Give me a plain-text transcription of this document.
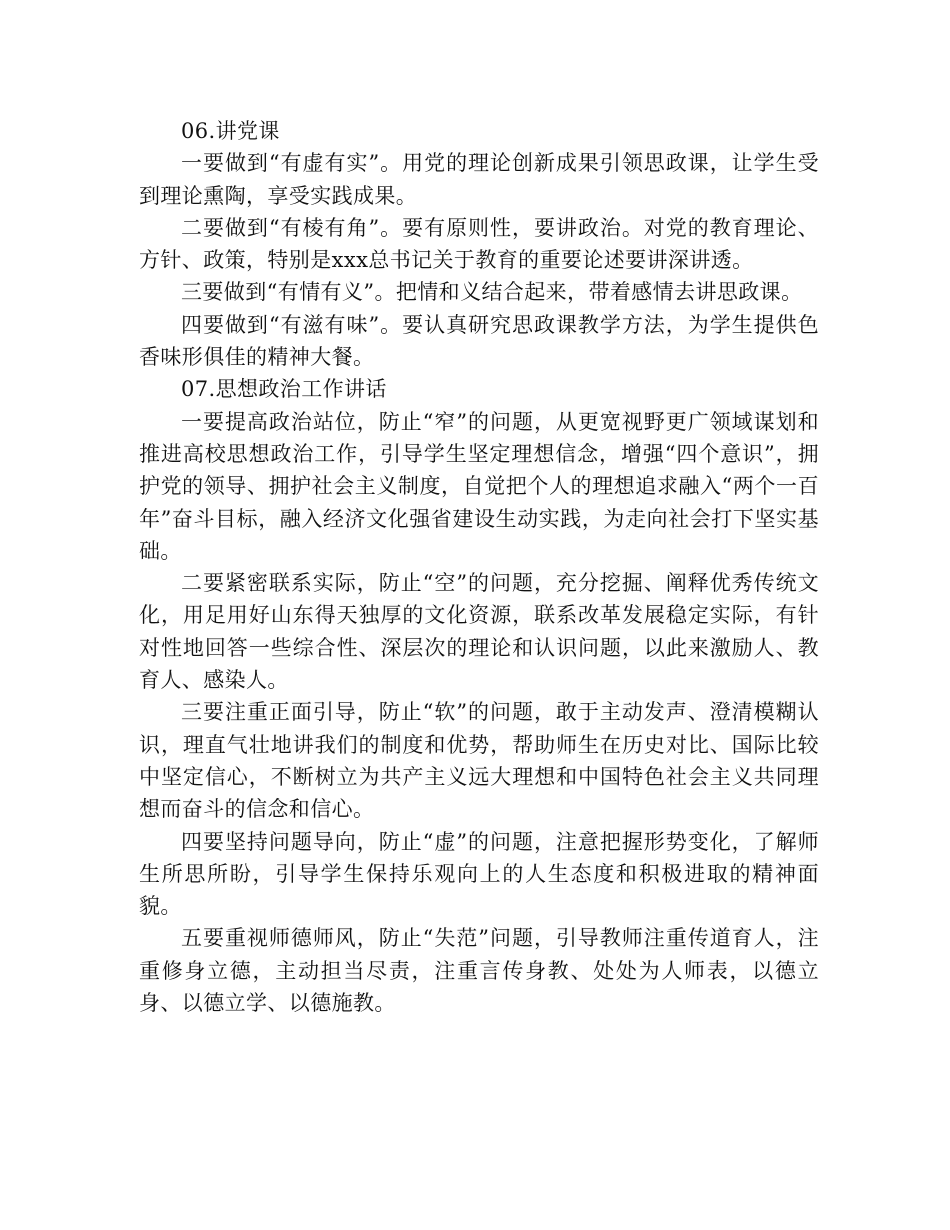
06.讲党课

一要做到“有虚有实”。用党的理论创新成果引领思政课，让学生受到理论熏陶，享受实践成果。

二要做到“有棱有角”。要有原则性，要讲政治。对党的教育理论、方针、政策，特别是xxx总书记关于教育的重要论述要讲深讲透。

三要做到“有情有义”。把情和义结合起来，带着感情去讲思政课。

四要做到“有滋有味”。要认真研究思政课教学方法，为学生提供色香味形俱佳的精神大餐。

07.思想政治工作讲话

一要提高政治站位，防止“窄”的问题，从更宽视野更广领域谋划和推进高校思想政治工作，引导学生坚定理想信念，增强“四个意识”，拥护党的领导、拥护社会主义制度，自觉把个人的理想追求融入“两个一百年”奋斗目标，融入经济文化强省建设生动实践，为走向社会打下坚实基础。

二要紧密联系实际，防止“空”的问题，充分挖掘、阐释优秀传统文化，用足用好山东得天独厚的文化资源，联系改革发展稳定实际，有针对性地回答一些综合性、深层次的理论和认识问题，以此来激励人、教育人、感染人。

三要注重正面引导，防止“软”的问题，敢于主动发声、澄清模糊认识，理直气壮地讲我们的制度和优势，帮助师生在历史对比、国际比较中坚定信心，不断树立为共产主义远大理想和中国特色社会主义共同理想而奋斗的信念和信心。

四要坚持问题导向，防止“虚”的问题，注意把握形势变化，了解师生所思所盼，引导学生保持乐观向上的人生态度和积极进取的精神面貌。

五要重视师德师风，防止“失范”问题，引导教师注重传道育人，注重修身立德，主动担当尽责，注重言传身教、处处为人师表，以德立身、以德立学、以德施教。
